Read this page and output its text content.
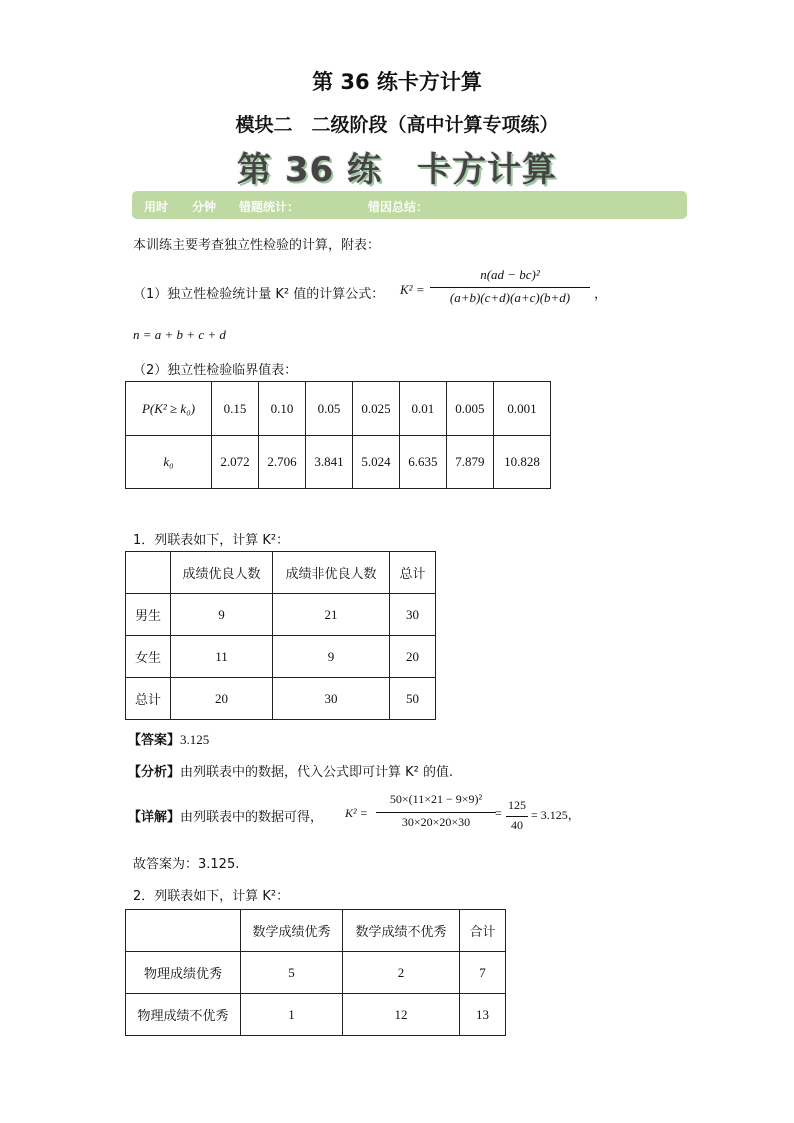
第 36 练卡方计算
模块二　二级阶段（高中计算专项练）
第 36 练　卡方计算
用时 分钟 错题统计：	错因总结：
本训练主要考查独立性检验的计算，附表：
（1）独立性检验统计量 K² 值的计算公式： K² =
n(ad − bc)²
(a+b)(c+d)(a+c)(b+d)	，
n = a + b + c + d
（2）独立性检验临界值表：
P(K² ≥ k₀)	0.15	0.10	0.05	0.025	0.01	0.005	0.001
k₀	2.072	2.706	3.841	5.024	6.635	7.879	10.828
1．列联表如下，计算 K²：
	成绩优良人数	成绩非优良人数	总计
男生	9	21	30
女生	11	9	20
总计	20	30	50
【答案】3.125
【分析】由列联表中的数据，代入公式即可计算 K² 的值.
【详解】由列联表中的数据可得， K² =
50×(11×21 − 9×9)²
30×20×20×30
=
125
40
= 3.125，
故答案为：3.125.
2．列联表如下，计算 K²：
	数学成绩优秀	数学成绩不优秀	合计
物理成绩优秀	5	2	7
物理成绩不优秀	1	12	13
